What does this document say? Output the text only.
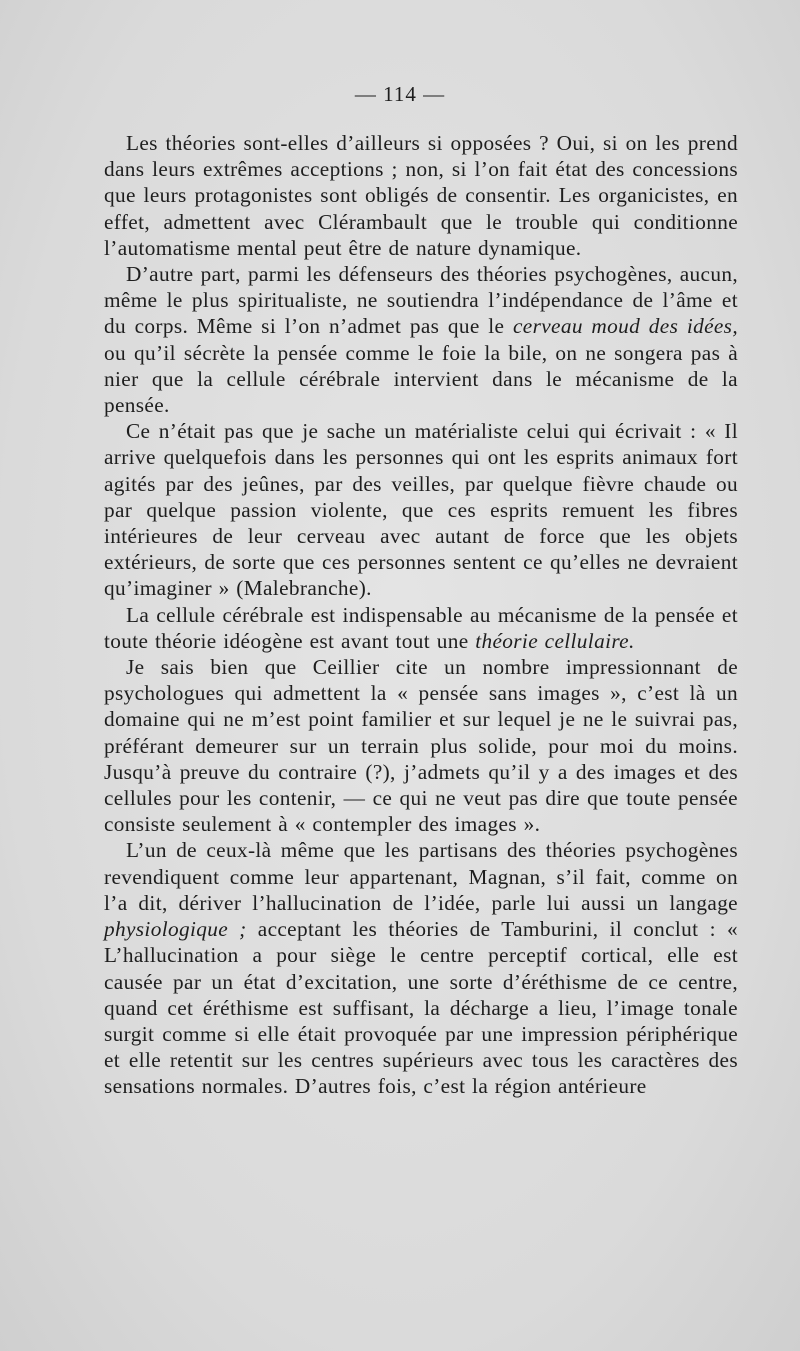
— 114 —

Les théories sont-elles d’ailleurs si opposées ? Oui, si on les prend dans leurs extrêmes acceptions ; non, si l’on fait état des concessions que leurs protagonistes sont obligés de consentir. Les organicistes, en effet, admettent avec Clérambault que le trouble qui conditionne l’automatisme mental peut être de nature dynamique.

D’autre part, parmi les défenseurs des théories psychogènes, aucun, même le plus spiritualiste, ne soutiendra l’indépendance de l’âme et du corps. Même si l’on n’admet pas que le cerveau moud des idées, ou qu’il sécrète la pensée comme le foie la bile, on ne songera pas à nier que la cellule cérébrale intervient dans le mécanisme de la pensée.

Ce n’était pas que je sache un matérialiste celui qui écrivait : « Il arrive quelquefois dans les personnes qui ont les esprits animaux fort agités par des jeûnes, par des veilles, par quelque fièvre chaude ou par quelque passion violente, que ces esprits remuent les fibres intérieures de leur cerveau avec autant de force que les objets extérieurs, de sorte que ces personnes sentent ce qu’elles ne devraient qu’imaginer » (Malebranche).

La cellule cérébrale est indispensable au mécanisme de la pensée et toute théorie idéogène est avant tout une théorie cellulaire.

Je sais bien que Ceillier cite un nombre impressionnant de psychologues qui admettent la « pensée sans images », c’est là un domaine qui ne m’est point familier et sur lequel je ne le suivrai pas, préférant demeurer sur un terrain plus solide, pour moi du moins. Jusqu’à preuve du contraire (?), j’admets qu’il y a des images et des cellules pour les contenir, — ce qui ne veut pas dire que toute pensée consiste seulement à « contempler des images ».

L’un de ceux-là même que les partisans des théories psychogènes revendiquent comme leur appartenant, Magnan, s’il fait, comme on l’a dit, dériver l’hallucination de l’idée, parle lui aussi un langage physiologique ; acceptant les théories de Tamburini, il conclut : « L’hallucination a pour siège le centre perceptif cortical, elle est causée par un état d’excitation, une sorte d’éréthisme de ce centre, quand cet éréthisme est suffisant, la décharge a lieu, l’image tonale surgit comme si elle était provoquée par une impression périphérique et elle retentit sur les centres supérieurs avec tous les caractères des sensations normales. D’autres fois, c’est la région antérieure
